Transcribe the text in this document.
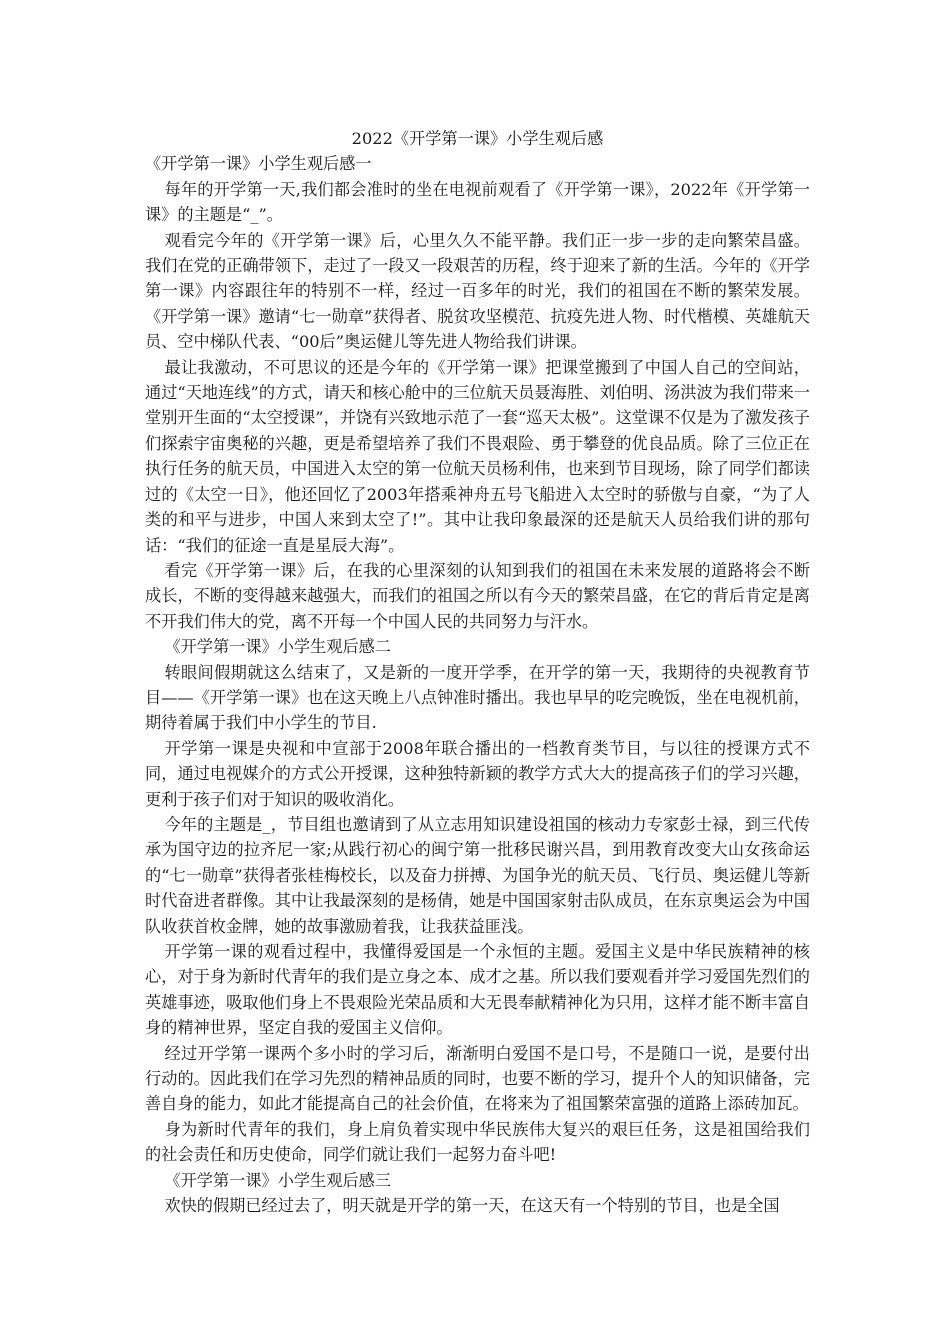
2022《开学第一课》小学生观后感

《开学第一课》小学生观后感一

每年的开学第一天,我们都会准时的坐在电视前观看了《开学第一课》，2022年《开学第一课》的主题是“_”。

观看完今年的《开学第一课》后，心里久久不能平静。我们正一步一步的走向繁荣昌盛。我们在党的正确带领下，走过了一段又一段艰苦的历程，终于迎来了新的生活。今年的《开学第一课》内容跟往年的特别不一样，经过一百多年的时光，我们的祖国在不断的繁荣发展。《开学第一课》邀请“七一勋章”获得者、脱贫攻坚模范、抗疫先进人物、时代楷模、英雄航天员、空中梯队代表、“00后”奥运健儿等先进人物给我们讲课。

最让我激动，不可思议的还是今年的《开学第一课》把课堂搬到了中国人自己的空间站，通过“天地连线”的方式，请天和核心舱中的三位航天员聂海胜、刘伯明、汤洪波为我们带来一堂别开生面的“太空授课”，并饶有兴致地示范了一套“巡天太极”。这堂课不仅是为了激发孩子们探索宇宙奥秘的兴趣，更是希望培养了我们不畏艰险、勇于攀登的优良品质。除了三位正在执行任务的航天员，中国进入太空的第一位航天员杨利伟，也来到节目现场，除了同学们都读过的《太空一日》，他还回忆了2003年搭乘神舟五号飞船进入太空时的骄傲与自豪，“为了人类的和平与进步，中国人来到太空了!”。其中让我印象最深的还是航天人员给我们讲的那句话：“我们的征途一直是星辰大海”。

看完《开学第一课》后，在我的心里深刻的认知到我们的祖国在未来发展的道路将会不断成长，不断的变得越来越强大，而我们的祖国之所以有今天的繁荣昌盛，在它的背后肯定是离不开我们伟大的党，离不开每一个中国人民的共同努力与汗水。

《开学第一课》小学生观后感二

转眼间假期就这么结束了，又是新的一度开学季，在开学的第一天，我期待的央视教育节目——《开学第一课》也在这天晚上八点钟准时播出。我也早早的吃完晚饭，坐在电视机前，期待着属于我们中小学生的节目.

开学第一课是央视和中宣部于2008年联合播出的一档教育类节目，与以往的授课方式不同，通过电视媒介的方式公开授课，这种独特新颖的教学方式大大的提高孩子们的学习兴趣，更利于孩子们对于知识的吸收消化。

今年的主题是_，节目组也邀请到了从立志用知识建设祖国的核动力专家彭士禄，到三代传承为国守边的拉齐尼一家;从践行初心的闽宁第一批移民谢兴昌，到用教育改变大山女孩命运的“七一勋章”获得者张桂梅校长，以及奋力拼搏、为国争光的航天员、飞行员、奥运健儿等新时代奋进者群像。其中让我最深刻的是杨倩，她是中国国家射击队成员，在东京奥运会为中国队收获首枚金牌，她的故事激励着我，让我获益匪浅。

开学第一课的观看过程中，我懂得爱国是一个永恒的主题。爱国主义是中华民族精神的核心，对于身为新时代青年的我们是立身之本、成才之基。所以我们要观看并学习爱国先烈们的英雄事迹，吸取他们身上不畏艰险光荣品质和大无畏奉献精神化为只用，这样才能不断丰富自身的精神世界，坚定自我的爱国主义信仰。

经过开学第一课两个多小时的学习后，渐渐明白爱国不是口号，不是随口一说，是要付出行动的。因此我们在学习先烈的精神品质的同时，也要不断的学习，提升个人的知识储备，完善自身的能力，如此才能提高自己的社会价值，在将来为了祖国繁荣富强的道路上添砖加瓦。

身为新时代青年的我们，身上肩负着实现中华民族伟大复兴的艰巨任务，这是祖国给我们的社会责任和历史使命，同学们就让我们一起努力奋斗吧!

《开学第一课》小学生观后感三

欢快的假期已经过去了，明天就是开学的第一天，在这天有一个特别的节目，也是全国
